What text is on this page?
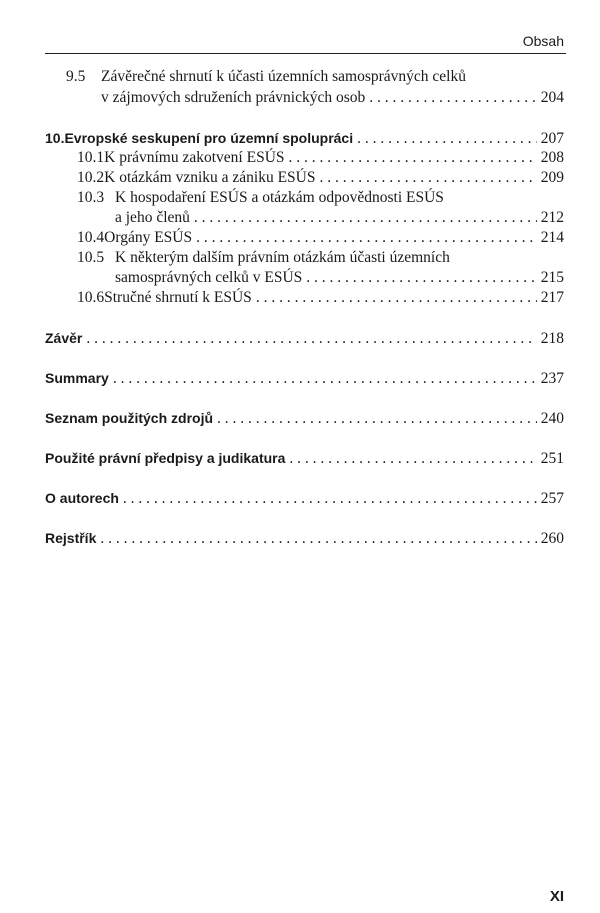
Obsah
9.5	Závěrečné shrnutí k účasti územních samosprávných celků
v zájmových sdruženích právnických osob . . .	204
10. Evropské seskupení pro územní spolupráci . . .	207
10.1 K právnímu zakotvení ESÚS . . .	208
10.2 K otázkám vzniku a zániku ESÚS . . .	209
10.3 K hospodaření ESÚS a otázkám odpovědnosti ESÚS
a jeho členů . . .	212
10.4 Orgány ESÚS . . .	214
10.5 K některým dalším právním otázkám účasti územních
samosprávných celků v ESÚS . . .	215
10.6 Stručné shrnutí k ESÚS . . .	217
Závěr . . .	218
Summary . . .	237
Seznam použitých zdrojů . . .	240
Použité právní předpisy a judikatura . . .	251
O autorech . . .	257
Rejstřík . . .	260
XI
